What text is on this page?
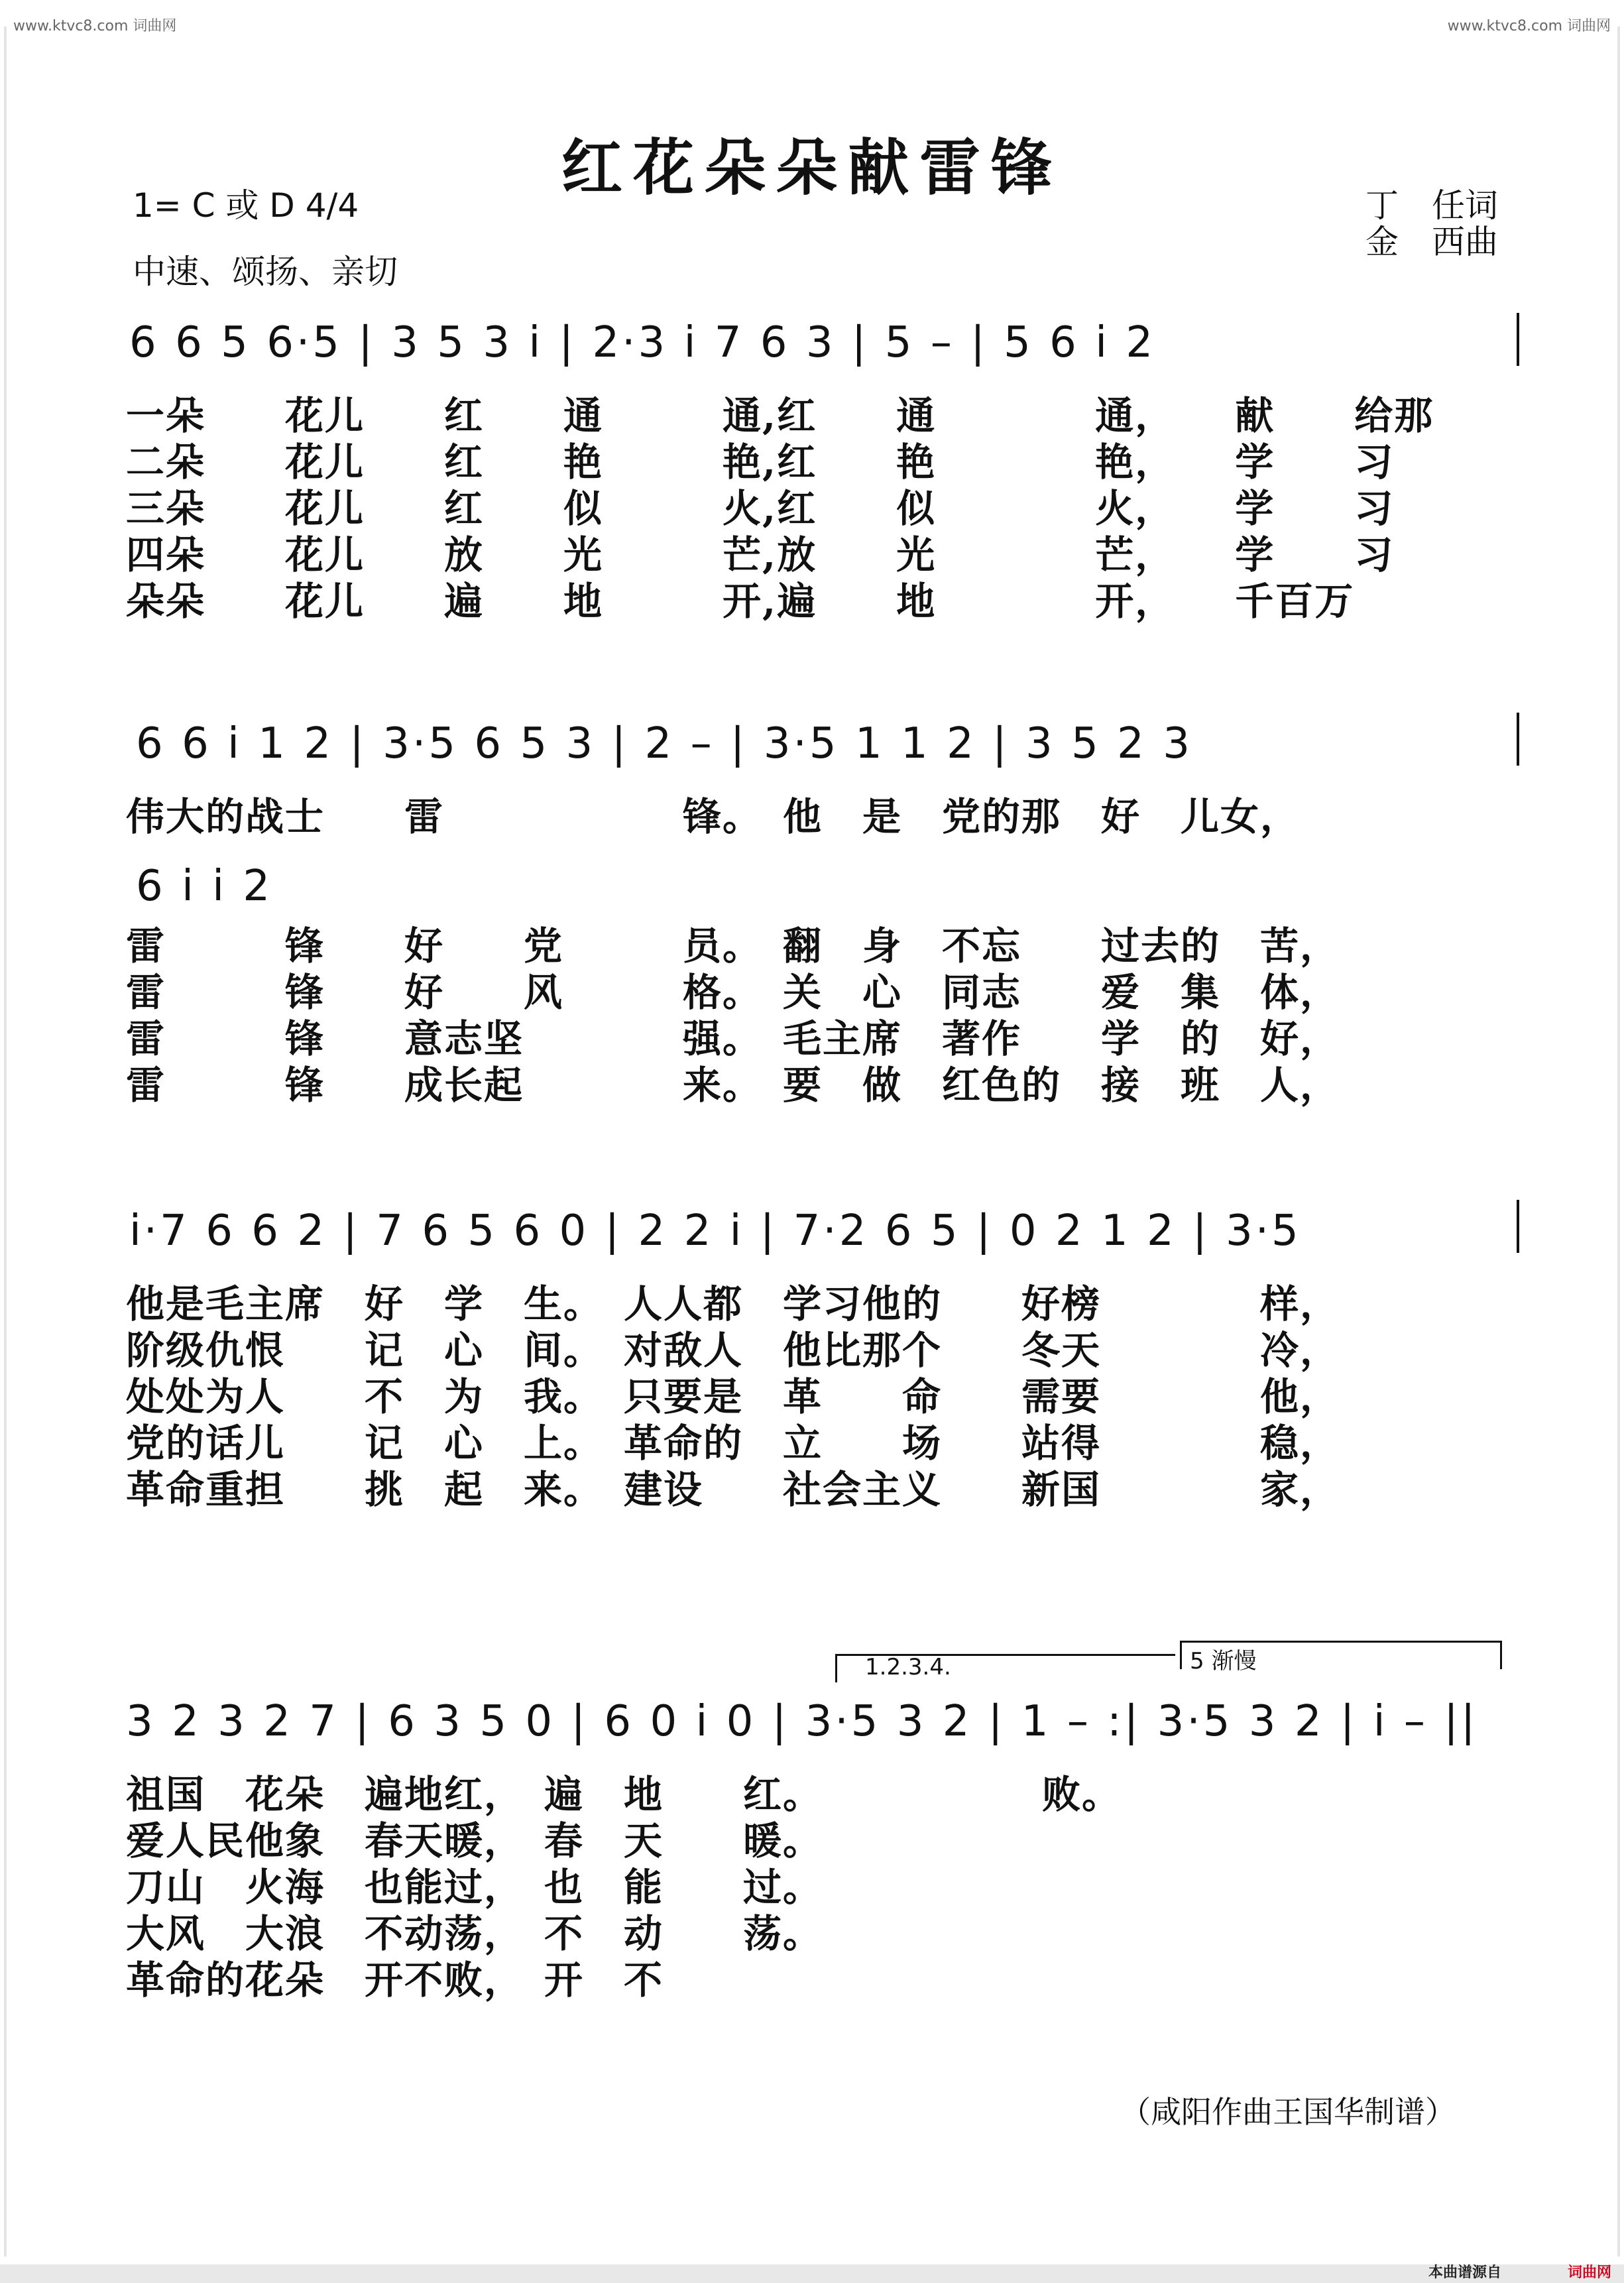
www.ktvc8.com 词曲网	www.ktvc8.com 词曲网
红花朵朵献雷锋
1= C 或 D 4/4
中速、颂扬、亲切
丁　任词
金　西曲
6 6 5 6·5 | 3 5 3 i | 2·3 i 7 6 3 | 5 – | 5 6 i 2
一朵　　花儿　　红　　通　　　通,红　　通　　　　通，　　献　　给那
二朵　　花儿　　红　　艳　　　艳,红　　艳　　　　艳，　　学　　习
三朵　　花儿　　红　　似　　　火,红　　似　　　　火，　　学　　习
四朵　　花儿　　放　　光　　　芒,放　　光　　　　芒，　　学　　习
朵朵　　花儿　　遍　　地　　　开,遍　　地　　　　开，　　千百万
6 6 i 1 2 | 3·5 6 5 3 | 2 – | 3·5 1 1 2 | 3 5 2 3
伟大的战士　　雷　　　　　　锋。　他　是　党的那　好　儿女，
6 i i 2
雷　　　锋　　好　　党　　　员。　翻　身　不忘　　过去的　苦，
雷　　　锋　　好　　风　　　格。　关　心　同志　　爱　集　体，
雷　　　锋　　意志坚　　　　强。　毛主席　著作　　学　的　好，
雷　　　锋　　成长起　　　　来。　要　做　红色的　接　班　人，
i·7 6 6 2 | 7 6 5 6 0 | 2 2 i | 7·2 6 5 | 0 2 1 2 | 3·5
他是毛主席　好　学　生。　人人都　学习他的　　好榜　　　　样，
阶级仇恨　　记　心　间。　对敌人　他比那个　　冬天　　　　冷，
处处为人　　不　为　我。　只要是　革　　命　　需要　　　　他，
党的话儿　　记　心　上。　革命的　立　　场　　站得　　　　稳，
革命重担　　挑　起　来。　建设　　社会主义　　新国　　　　家，
1.2.3.4.	5 渐慢
3 2 3 2 7 | 6 3 5 0 | 6 0 i 0 | 3·5 3 2 | 1 – :| 3·5 3 2 | i – ||
祖国　花朵　遍地红，　遍　地　　红。　　　　　　败。
爱人民他象　春天暖，　春　天　　暖。
刀山　火海　也能过，　也　能　　过。
大风　大浪　不动荡，　不　动　　荡。
革命的花朵　开不败，　开　不
（咸阳作曲王国华制谱）
本曲谱源自	词曲网
